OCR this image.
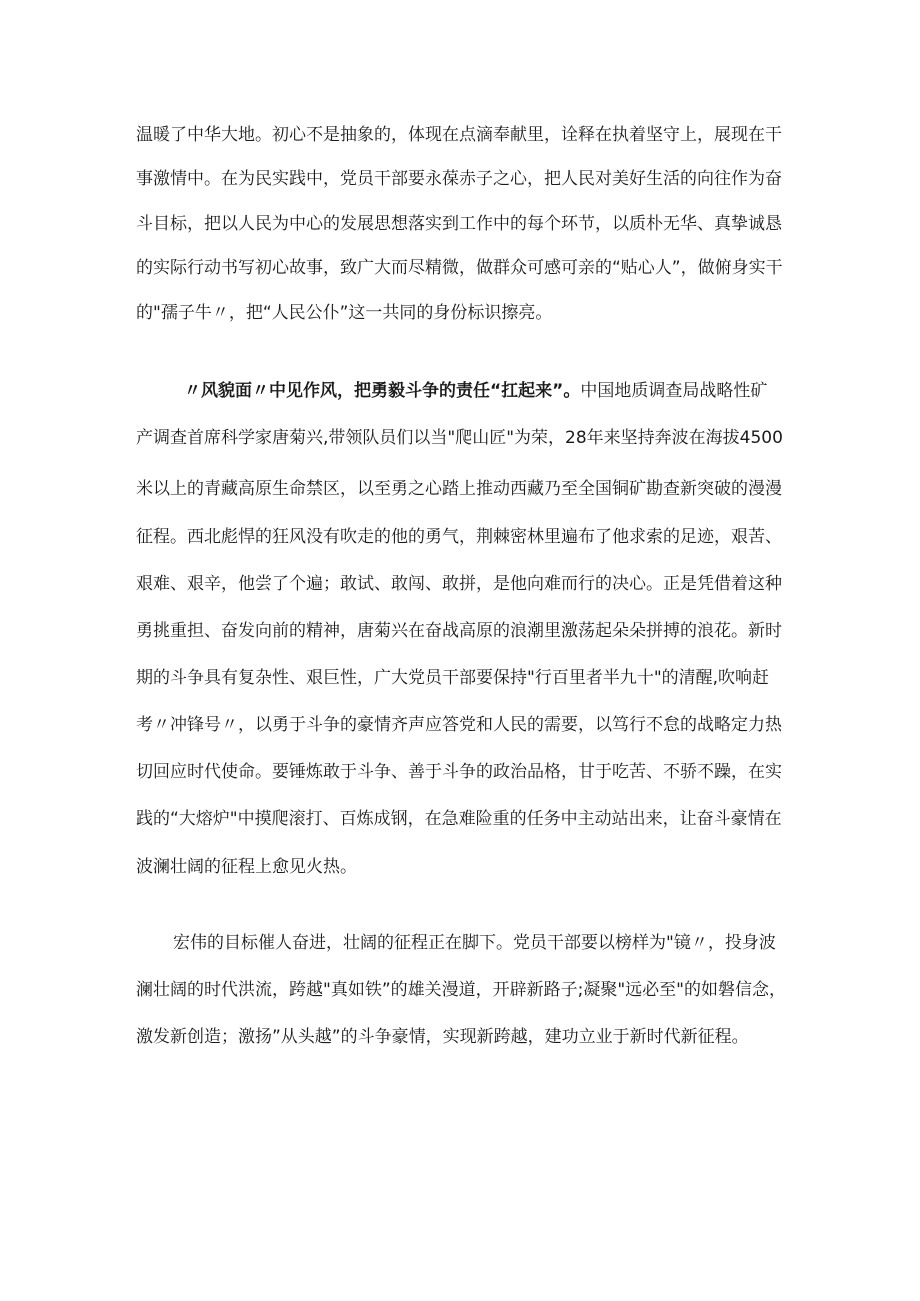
温暖了中华大地。初心不是抽象的，体现在点滴奉献里，诠释在执着坚守上，展现在干
事激情中。在为民实践中，党员干部要永葆赤子之心，把人民对美好生活的向往作为奋
斗目标，把以人民为中心的发展思想落实到工作中的每个环节，以质朴无华、真挚诚恳
的实际行动书写初心故事，致广大而尽精微，做群众可感可亲的“贴心人”，做俯身实干
的"孺子牛〃，把“人民公仆”这一共同的身份标识擦亮。
〃风貌面〃中见作风，把勇毅斗争的责任“扛起来”。中国地质调查局战略性矿
产调查首席科学家唐菊兴,带领队员们以当"爬山匠"为荣，28年来坚持奔波在海拔4500
米以上的青藏高原生命禁区，以至勇之心踏上推动西藏乃至全国铜矿勘查新突破的漫漫
征程。西北彪悍的狂风没有吹走的他的勇气，荆棘密林里遍布了他求索的足迹，艰苦、
艰难、艰辛，他尝了个遍；敢试、敢闯、敢拼，是他向难而行的决心。正是凭借着这种
勇挑重担、奋发向前的精神，唐菊兴在奋战高原的浪潮里激荡起朵朵拼搏的浪花。新时
期的斗争具有复杂性、艰巨性，广大党员干部要保持"行百里者半九十"的清醒,吹响赶
考〃冲锋号〃，以勇于斗争的豪情齐声应答党和人民的需要，以笃行不怠的战略定力热
切回应时代使命。要锤炼敢于斗争、善于斗争的政治品格，甘于吃苦、不骄不躁，在实
践的“大熔炉"中摸爬滚打、百炼成钢，在急难险重的任务中主动站出来，让奋斗豪情在
波澜壮阔的征程上愈见火热。
宏伟的目标催人奋进，壮阔的征程正在脚下。党员干部要以榜样为"镜〃，投身波
澜壮阔的时代洪流，跨越"真如铁”的雄关漫道，开辟新路子;凝聚"远必至"的如磐信念，
激发新创造；激扬”从头越”的斗争豪情，实现新跨越，建功立业于新时代新征程。
